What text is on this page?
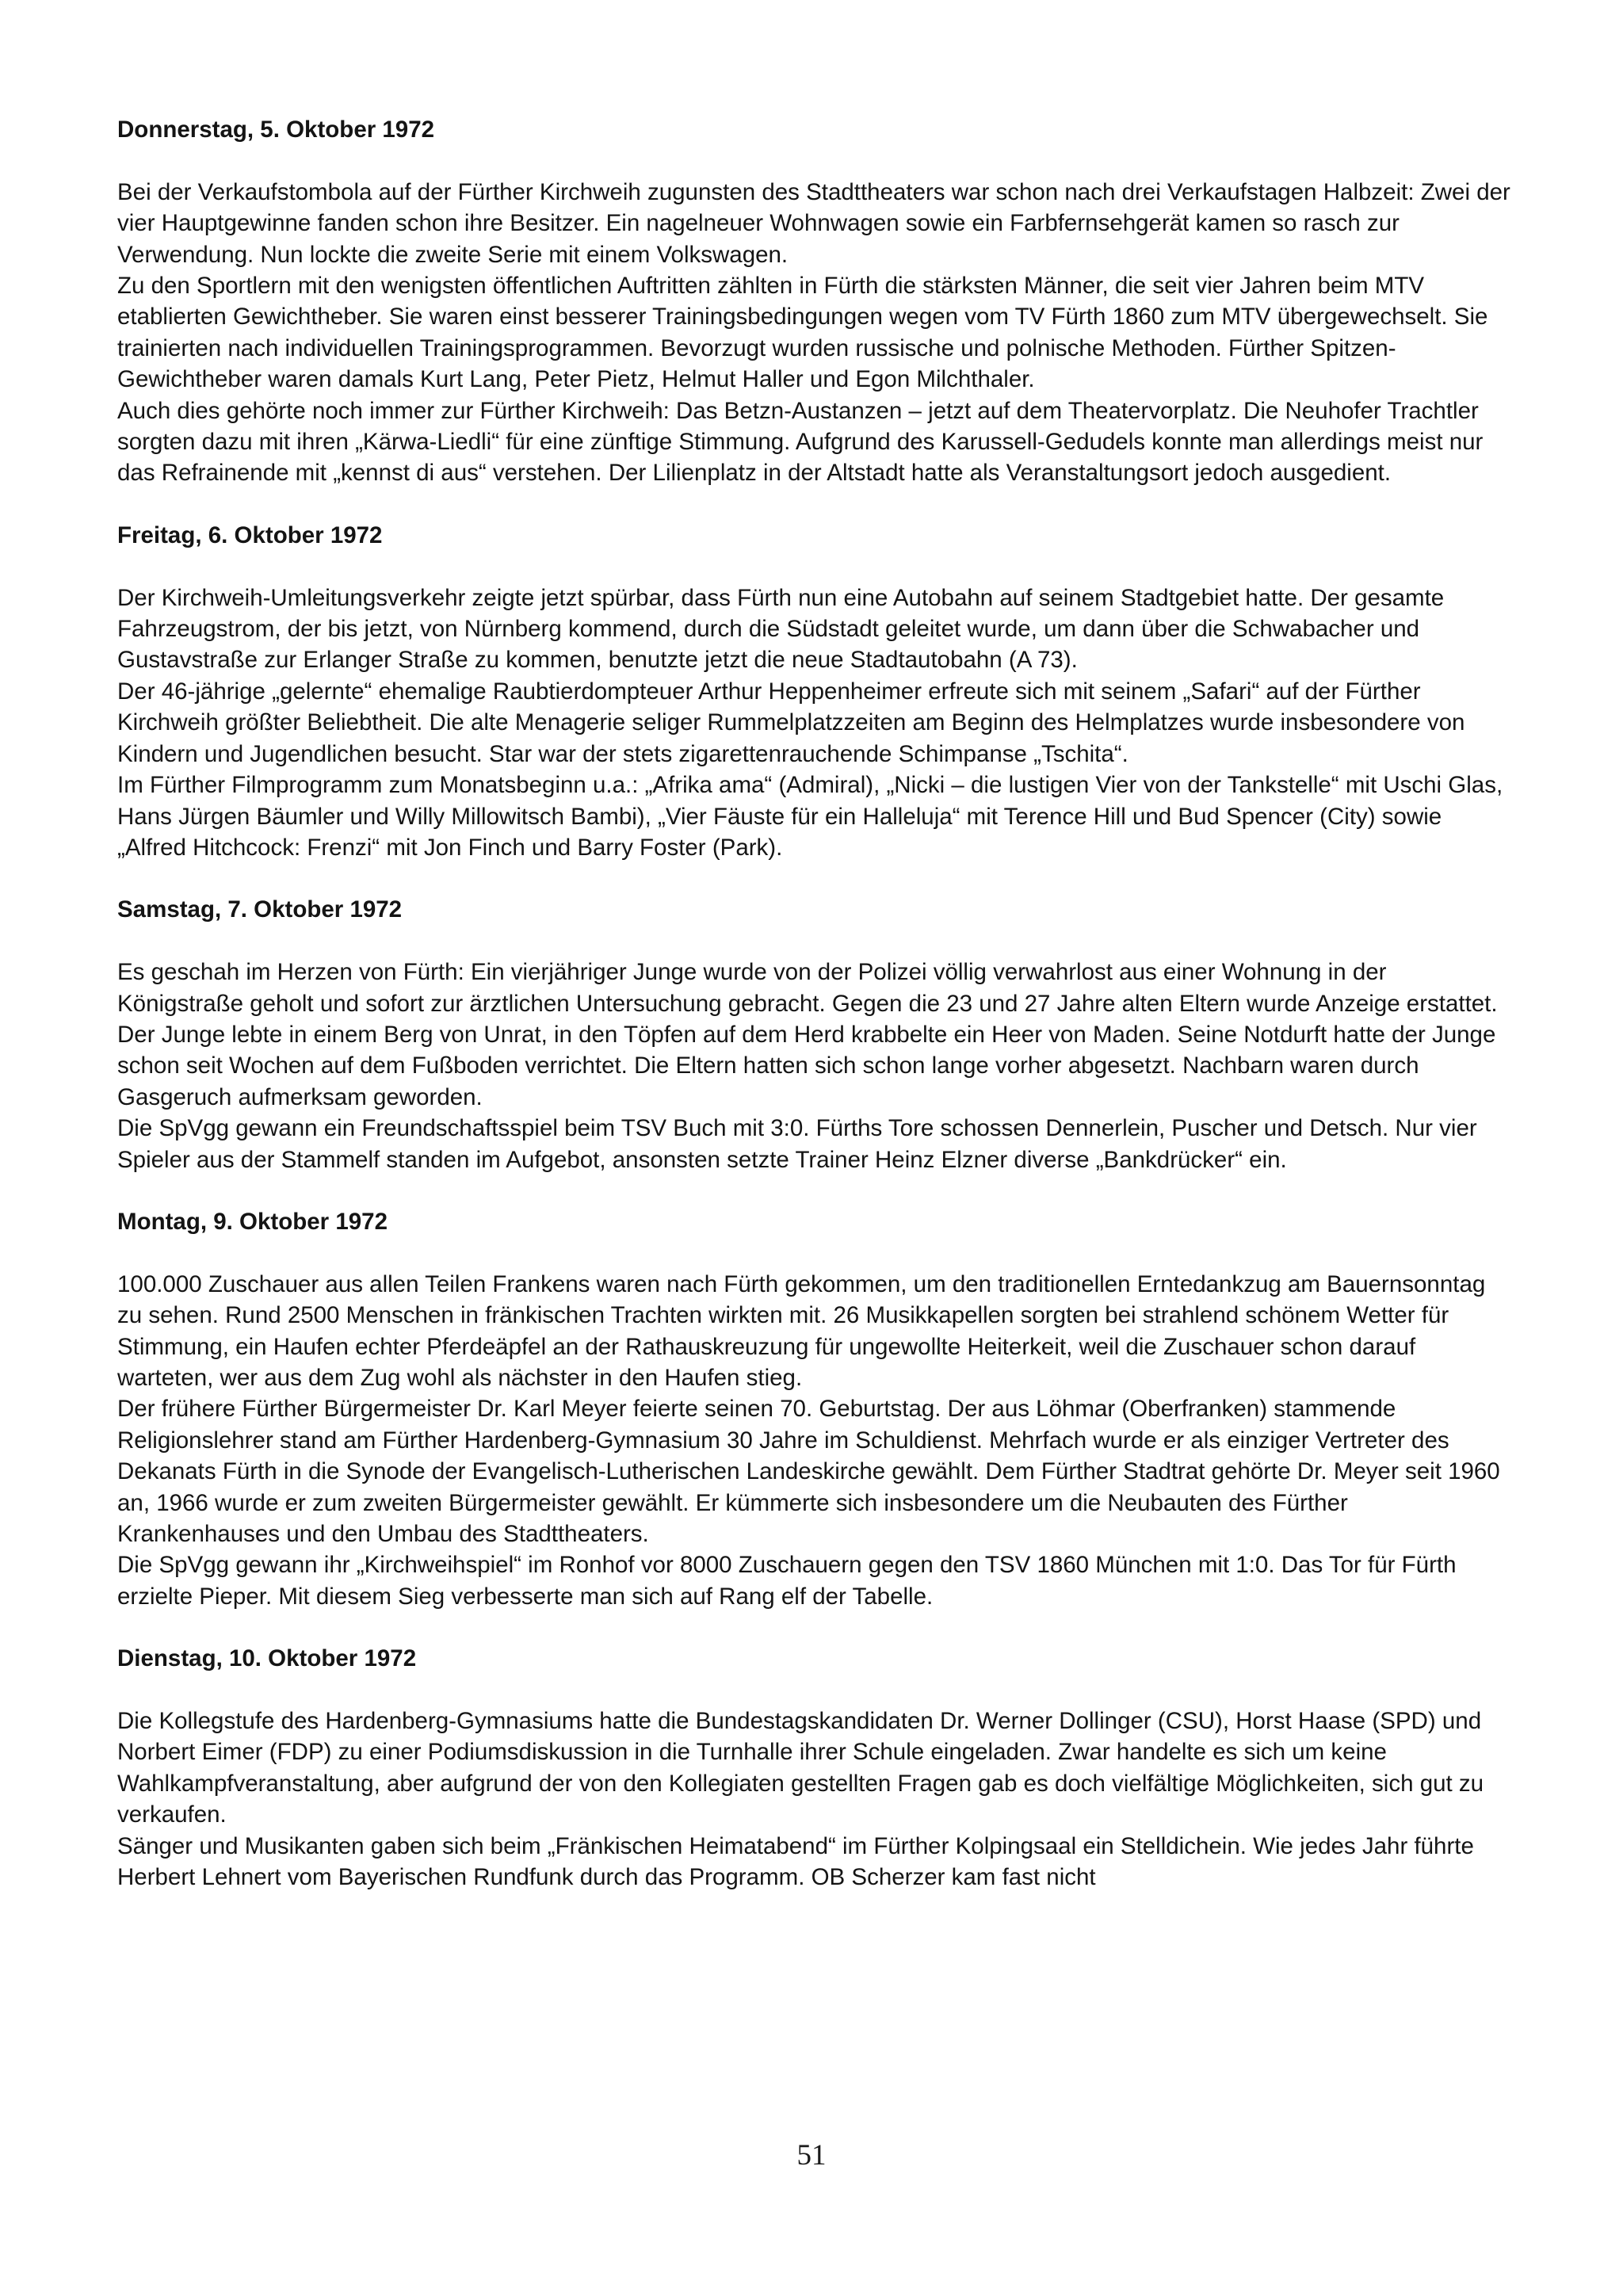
Donnerstag, 5. Oktober 1972

Bei der Verkaufstombola auf der Fürther Kirchweih zugunsten des Stadttheaters war schon nach drei Verkaufstagen Halbzeit: Zwei der vier Hauptgewinne fanden schon ihre Besitzer. Ein nagelneuer Wohnwagen sowie ein Farbfernsehgerät kamen so rasch zur Verwendung. Nun lockte die zweite Serie mit einem Volkswagen.

Zu den Sportlern mit den wenigsten öffentlichen Auftritten zählten in Fürth die stärksten Männer, die seit vier Jahren beim MTV etablierten Gewichtheber. Sie waren einst besserer Trainingsbedingungen wegen vom TV Fürth 1860 zum MTV übergewechselt. Sie trainierten nach individuellen Trainingsprogrammen. Bevorzugt wurden russische und polnische Methoden. Fürther Spitzen-Gewichtheber waren damals Kurt Lang, Peter Pietz, Helmut Haller und Egon Milchthaler.

Auch dies gehörte noch immer zur Fürther Kirchweih: Das Betzn-Austanzen – jetzt auf dem Theatervorplatz. Die Neuhofer Trachtler sorgten dazu mit ihren „Kärwa-Liedli“ für eine zünftige Stimmung. Aufgrund des Karussell-Gedudels konnte man allerdings meist nur das Refrainende mit „kennst di aus“ verstehen. Der Lilienplatz in der Altstadt hatte als Veranstaltungsort jedoch ausgedient.

Freitag, 6. Oktober 1972

Der Kirchweih-Umleitungsverkehr zeigte jetzt spürbar, dass Fürth nun eine Autobahn auf seinem Stadtgebiet hatte. Der gesamte Fahrzeugstrom, der bis jetzt, von Nürnberg kommend, durch die Südstadt geleitet wurde, um dann über die Schwabacher und Gustavstraße zur Erlanger Straße zu kommen, benutzte jetzt die neue Stadtautobahn (A 73).

Der 46-jährige „gelernte“ ehemalige Raubtierdompteuer Arthur Heppenheimer erfreute sich mit seinem „Safari“ auf der Fürther Kirchweih größter Beliebtheit. Die alte Menagerie seliger Rummelplatzzeiten am Beginn des Helmplatzes wurde insbesondere von Kindern und Jugendlichen besucht. Star war der stets zigarettenrauchende Schimpanse „Tschita“.

Im Fürther Filmprogramm zum Monatsbeginn u.a.: „Afrika ama“ (Admiral), „Nicki – die lustigen Vier von der Tankstelle“ mit Uschi Glas, Hans Jürgen Bäumler und Willy Millowitsch Bambi), „Vier Fäuste für ein Halleluja“ mit Terence Hill und Bud Spencer (City) sowie „Alfred Hitchcock: Frenzi“ mit Jon Finch und Barry Foster (Park).

Samstag, 7. Oktober 1972

Es geschah im Herzen von Fürth: Ein vierjähriger Junge wurde von der Polizei völlig verwahrlost aus einer Wohnung in der Königstraße geholt und sofort zur ärztlichen Untersuchung gebracht. Gegen die 23 und 27 Jahre alten Eltern wurde Anzeige erstattet. Der Junge lebte in einem Berg von Unrat, in den Töpfen auf dem Herd krabbelte ein Heer von Maden. Seine Notdurft hatte der Junge schon seit Wochen auf dem Fußboden verrichtet. Die Eltern hatten sich schon lange vorher abgesetzt. Nachbarn waren durch Gasgeruch aufmerksam geworden.

Die SpVgg gewann ein Freundschaftsspiel beim TSV Buch mit 3:0. Fürths Tore schossen Dennerlein, Puscher und Detsch. Nur vier Spieler aus der Stammelf standen im Aufgebot, ansonsten setzte Trainer Heinz Elzner diverse „Bankdrücker“ ein.

Montag, 9. Oktober 1972

100.000 Zuschauer aus allen Teilen Frankens waren nach Fürth gekommen, um den traditionellen Erntedankzug am Bauernsonntag zu sehen. Rund 2500 Menschen in fränkischen Trachten wirkten mit. 26 Musikkapellen sorgten bei strahlend schönem Wetter für Stimmung, ein Haufen echter Pferdeäpfel an der Rathauskreuzung für ungewollte Heiterkeit, weil die Zuschauer schon darauf warteten, wer aus dem Zug wohl als nächster in den Haufen stieg.

Der frühere Fürther Bürgermeister Dr. Karl Meyer feierte seinen 70. Geburtstag. Der aus Löhmar (Oberfranken) stammende Religionslehrer stand am Fürther Hardenberg-Gymnasium 30 Jahre im Schuldienst. Mehrfach wurde er als einziger Vertreter des Dekanats Fürth in die Synode der Evangelisch-Lutherischen Landeskirche gewählt. Dem Fürther Stadtrat gehörte Dr. Meyer seit 1960 an, 1966 wurde er zum zweiten Bürgermeister gewählt. Er kümmerte sich insbesondere um die Neubauten des Fürther Krankenhauses und den Umbau des Stadttheaters.

Die SpVgg gewann ihr „Kirchweihspiel“ im Ronhof vor 8000 Zuschauern gegen den TSV 1860 München mit 1:0. Das Tor für Fürth erzielte Pieper. Mit diesem Sieg verbesserte man sich auf Rang elf der Tabelle.

Dienstag, 10. Oktober 1972

Die Kollegstufe des Hardenberg-Gymnasiums hatte die Bundestagskandidaten Dr. Werner Dollinger (CSU), Horst Haase (SPD) und Norbert Eimer (FDP) zu einer Podiumsdiskussion in die Turnhalle ihrer Schule eingeladen. Zwar handelte es sich um keine Wahlkampfveranstaltung, aber aufgrund der von den Kollegiaten gestellten Fragen gab es doch vielfältige Möglichkeiten, sich gut zu verkaufen.

Sänger und Musikanten gaben sich beim „Fränkischen Heimatabend“ im Fürther Kolpingsaal ein Stelldichein. Wie jedes Jahr führte Herbert Lehnert vom Bayerischen Rundfunk durch das Programm. OB Scherzer kam fast nicht

51
